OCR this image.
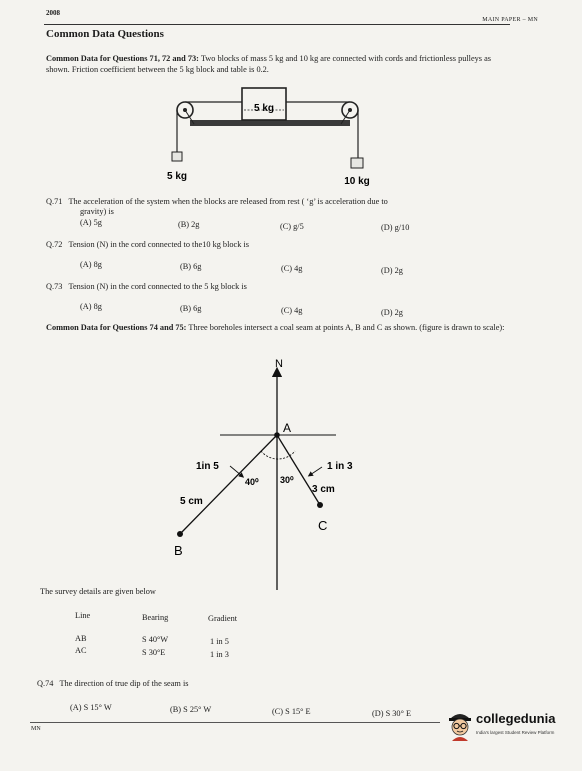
2008
MAIN PAPER – MN
Common Data Questions
Common Data for Questions 71, 72 and 73: Two blocks of mass 5 kg and 10 kg are connected with cords and frictionless pulleys as shown. Friction coefficient between the 5 kg block and table is 0.2.
5 kg
5 kg	10 kg
Q.71 The acceleration of the system when the blocks are released from rest ( ‘g’ is acceleration due to
gravity) is
(A) 5g	(B) 2g	(C) g/5	(D) g/10
Q.72 Tension (N) in the cord connected to the10 kg block is
(A) 8g	(B) 6g	(C) 4g	(D) 2g
Q.73 Tension (N) in the cord connected to the 5 kg block is
(A) 8g	(B) 6g	(C) 4g	(D) 2g
Common Data for Questions 74 and 75: Three boreholes intersect a coal seam at points A, B and C as shown. (figure is drawn to scale):
N
A
B
C
1in 5	1 in 3
40⁰ 30⁰
5 cm
3 cm
The survey details are given below
Line	Bearing	Gradient
AB	S 40°W	1 in 5
AC	S 30°E	1 in 3
Q.74 The direction of true dip of the seam is
(A) S 15° W	(B) S 25° W	(C) S 15° E	(D) S 30° E
MN
collegedunia
India's largest Student Review Platform
